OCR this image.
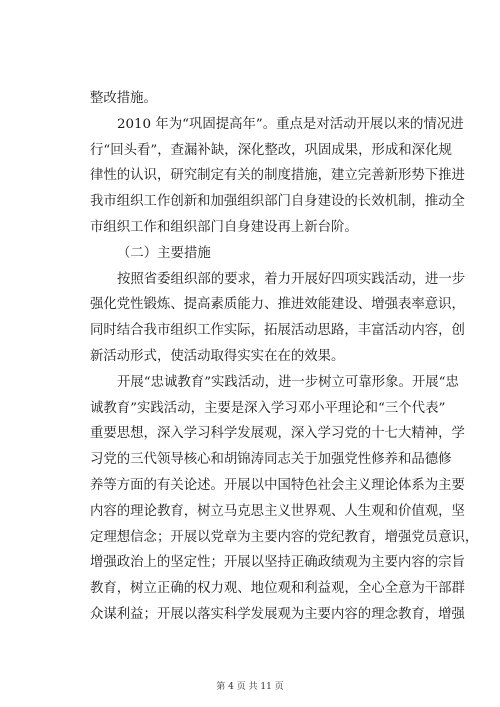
整改措施。
2010 年为“巩固提高年”。重点是对活动开展以来的情况进
行“回头看”，查漏补缺，深化整改，巩固成果，形成和深化规
律性的认识，研究制定有关的制度措施，建立完善新形势下推进
我市组织工作创新和加强组织部门自身建设的长效机制，推动全
市组织工作和组织部门自身建设再上新台阶。
（二）主要措施
按照省委组织部的要求，着力开展好四项实践活动，进一步
强化党性锻炼、提高素质能力、推进效能建设、增强表率意识，
同时结合我市组织工作实际，拓展活动思路，丰富活动内容，创
新活动形式，使活动取得实实在在的效果。
开展“忠诚教育”实践活动，进一步树立可靠形象。开展“忠
诚教育”实践活动，主要是深入学习邓小平理论和“三个代表”
重要思想，深入学习科学发展观，深入学习党的十七大精神，学
习党的三代领导核心和胡锦涛同志关于加强党性修养和品德修
养等方面的有关论述。开展以中国特色社会主义理论体系为主要
内容的理论教育，树立马克思主义世界观、人生观和价值观，坚
定理想信念；开展以党章为主要内容的党纪教育，增强党员意识，
增强政治上的坚定性；开展以坚持正确政绩观为主要内容的宗旨
教育，树立正确的权力观、地位观和利益观，全心全意为干部群
众谋利益；开展以落实科学发展观为主要内容的理念教育，增强
第 4 页 共 11 页
